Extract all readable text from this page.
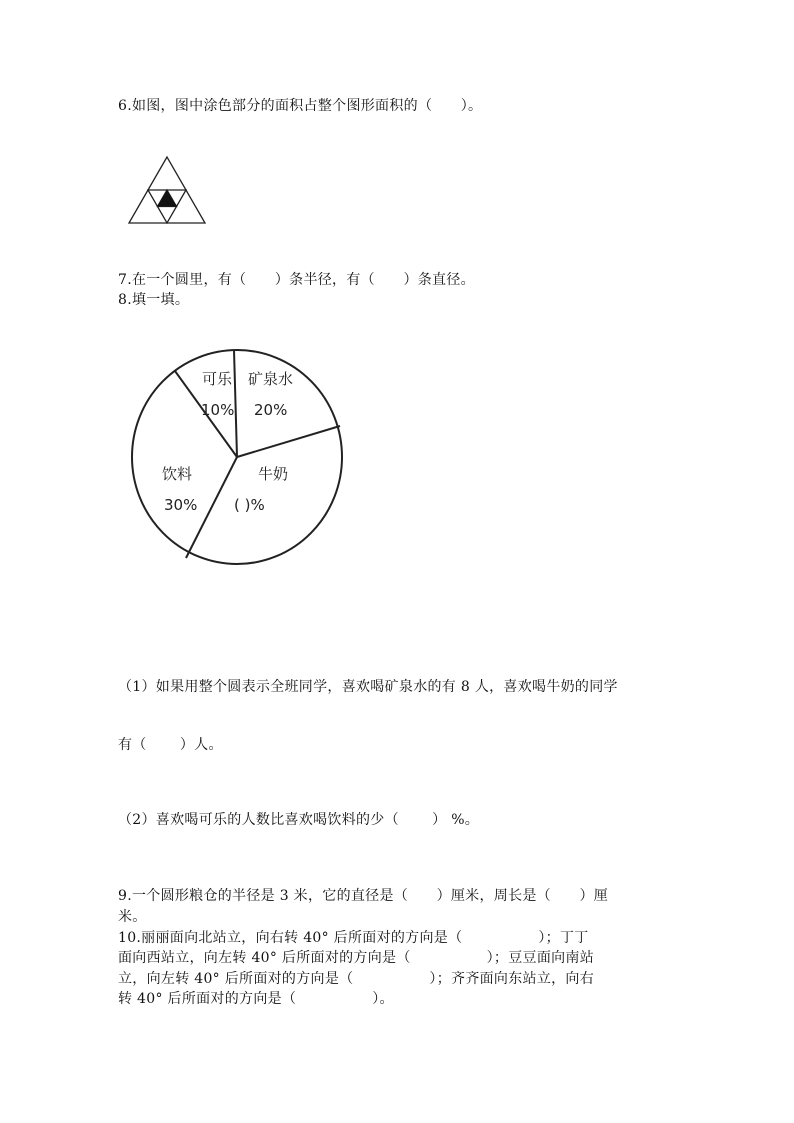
6.如图，图中涂色部分的面积占整个图形面积的（      ）。

7.在一个圆里，有（      ）条半径，有（      ）条直径。

8.填一填。

可乐
10%
矿泉水
20%
饮料
30%
牛奶
( )%

（1）如果用整个圆表示全班同学，喜欢喝矿泉水的有 8 人，喜欢喝牛奶的同学

有（       ）人。

（2）喜欢喝可乐的人数比喜欢喝饮料的少（       ） %。

9.一个圆形粮仓的半径是 3 米，它的直径是（      ）厘米，周长是（      ）厘

米。

10.丽丽面向北站立，向右转 40° 后所面对的方向是（                ）；丁丁

面向西站立，向左转 40° 后所面对的方向是（                ）；豆豆面向南站

立，向左转 40° 后所面对的方向是（                ）；齐齐面向东站立，向右

转 40° 后所面对的方向是（                ）。
